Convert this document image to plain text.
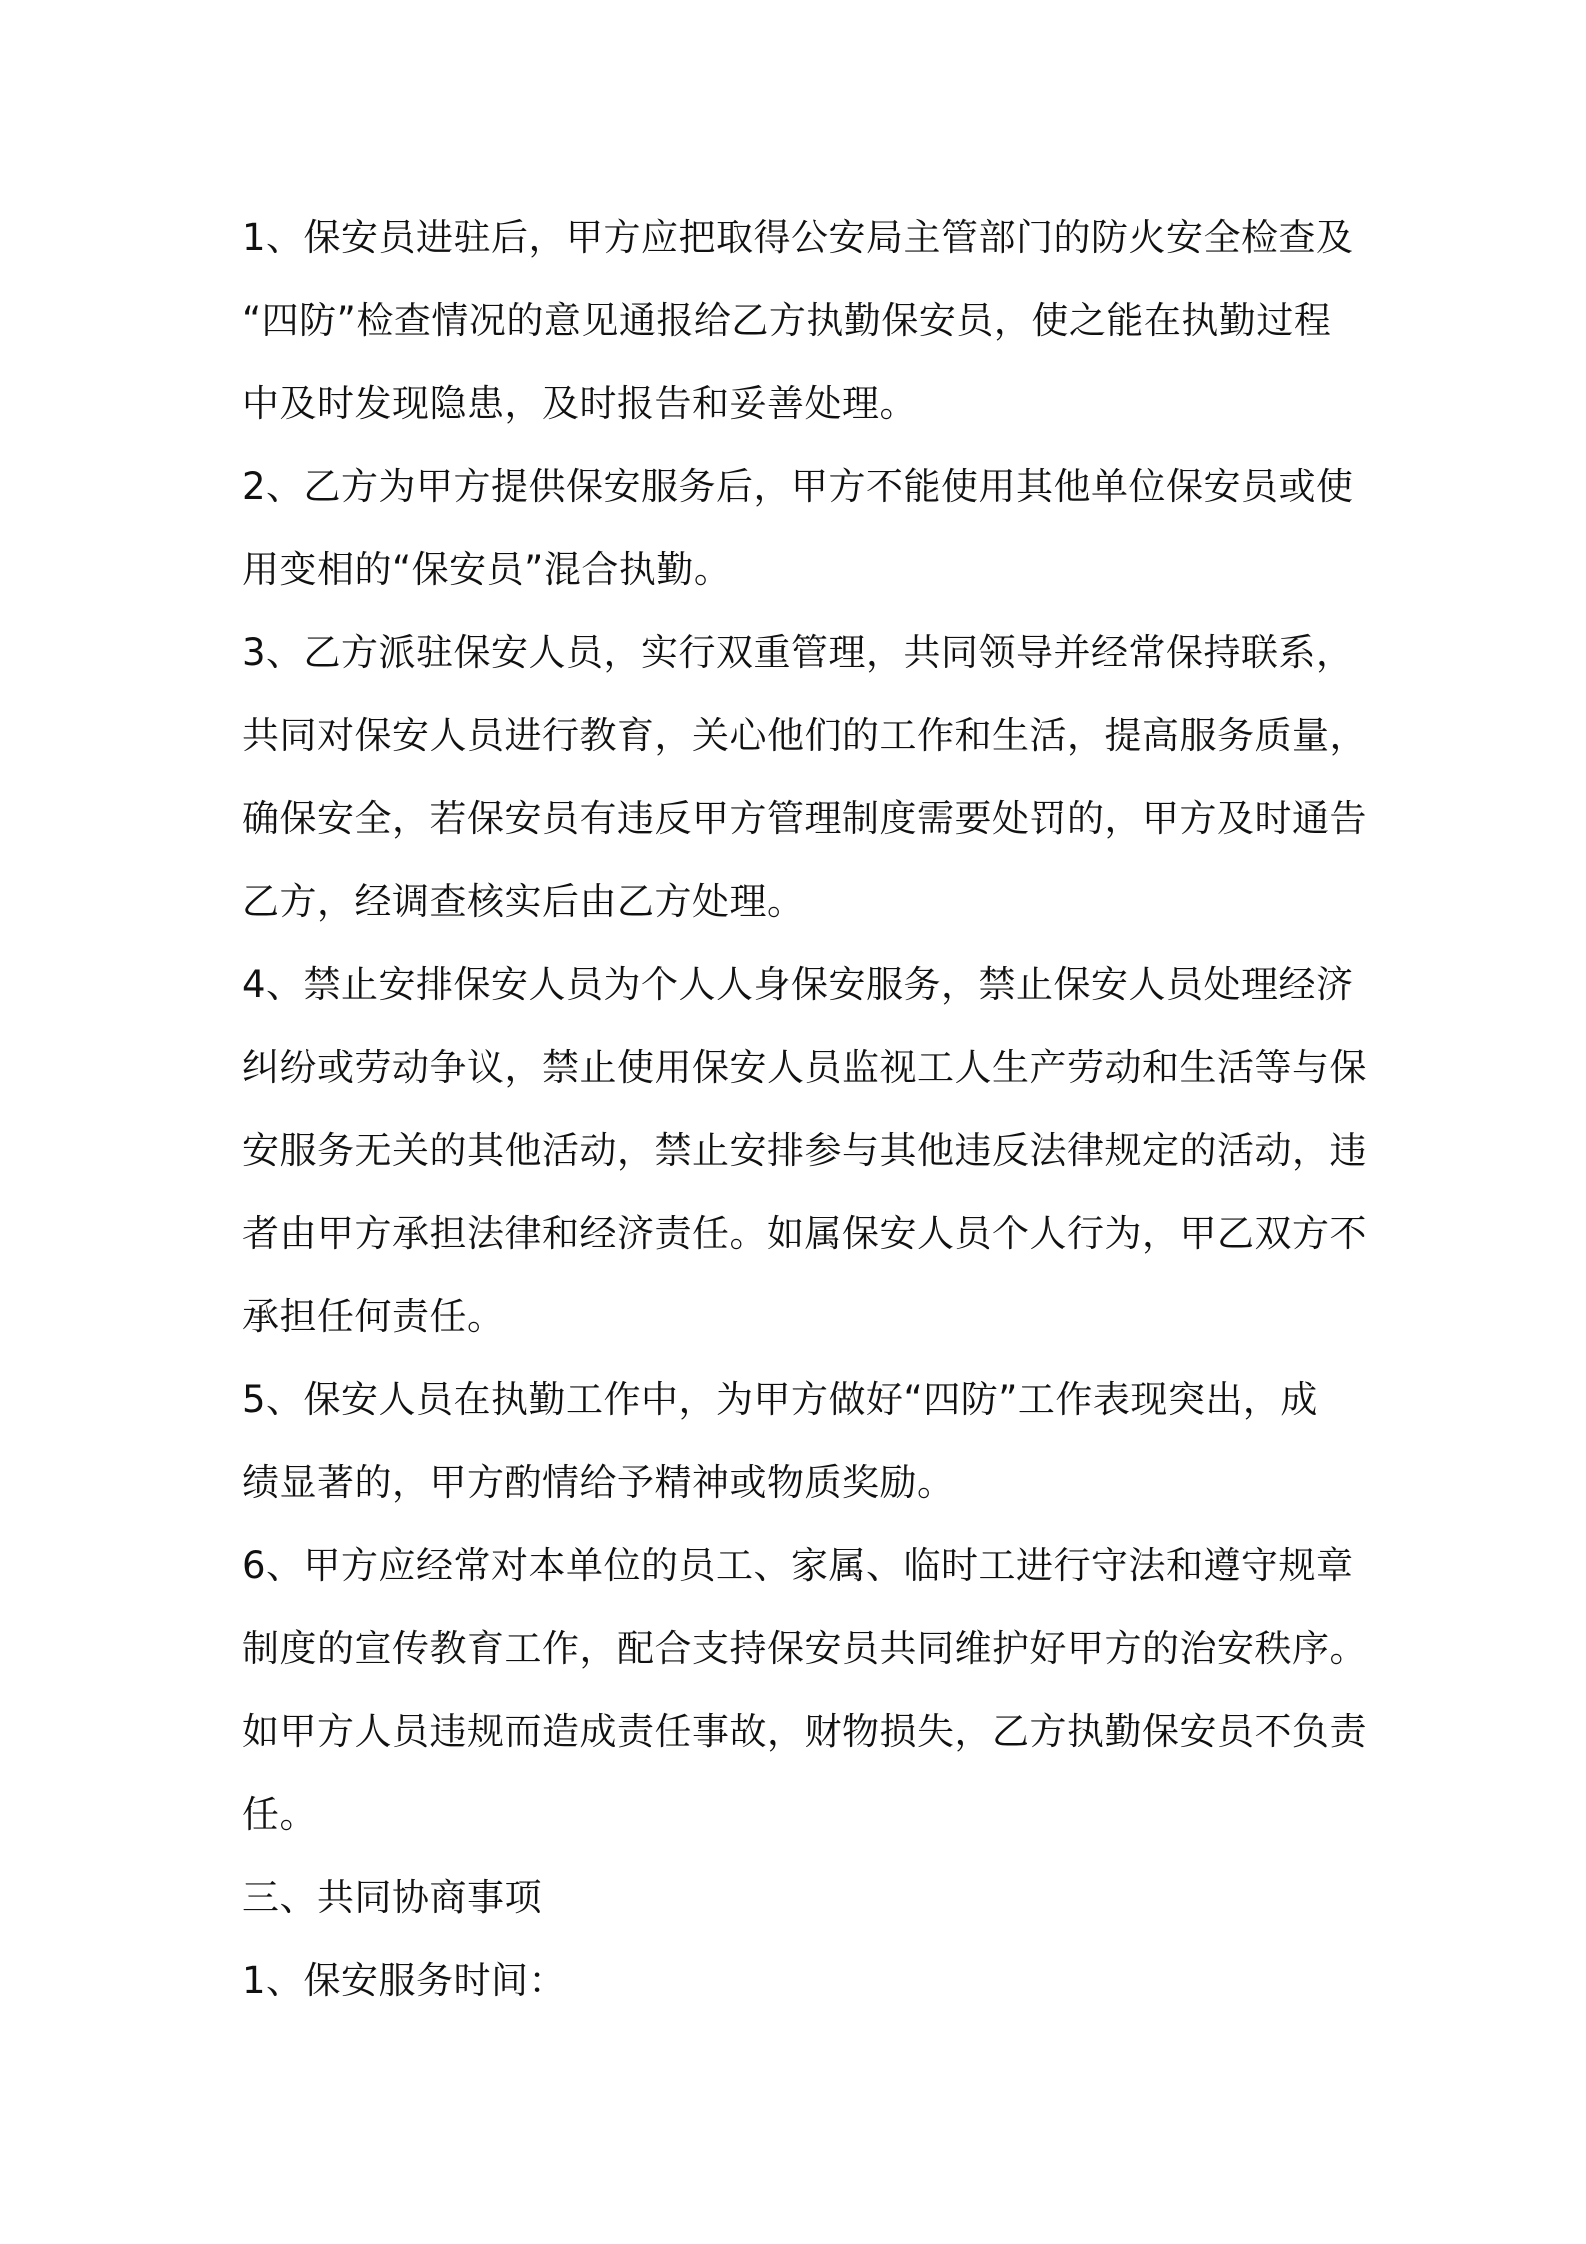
1、保安员进驻后，甲方应把取得公安局主管部门的防火安全检查及
“四防”检查情况的意见通报给乙方执勤保安员，使之能在执勤过程
中及时发现隐患，及时报告和妥善处理。
2、乙方为甲方提供保安服务后，甲方不能使用其他单位保安员或使
用变相的“保安员”混合执勤。
3、乙方派驻保安人员，实行双重管理，共同领导并经常保持联系，
共同对保安人员进行教育，关心他们的工作和生活，提高服务质量，
确保安全，若保安员有违反甲方管理制度需要处罚的，甲方及时通告
乙方，经调查核实后由乙方处理。
4、禁止安排保安人员为个人人身保安服务，禁止保安人员处理经济
纠纷或劳动争议，禁止使用保安人员监视工人生产劳动和生活等与保
安服务无关的其他活动，禁止安排参与其他违反法律规定的活动，违
者由甲方承担法律和经济责任。如属保安人员个人行为，甲乙双方不
承担任何责任。
5、保安人员在执勤工作中，为甲方做好“四防”工作表现突出，成
绩显著的，甲方酌情给予精神或物质奖励。
6、甲方应经常对本单位的员工、家属、临时工进行守法和遵守规章
制度的宣传教育工作，配合支持保安员共同维护好甲方的治安秩序。
如甲方人员违规而造成责任事故，财物损失，乙方执勤保安员不负责
任。
三、共同协商事项
1、保安服务时间：
